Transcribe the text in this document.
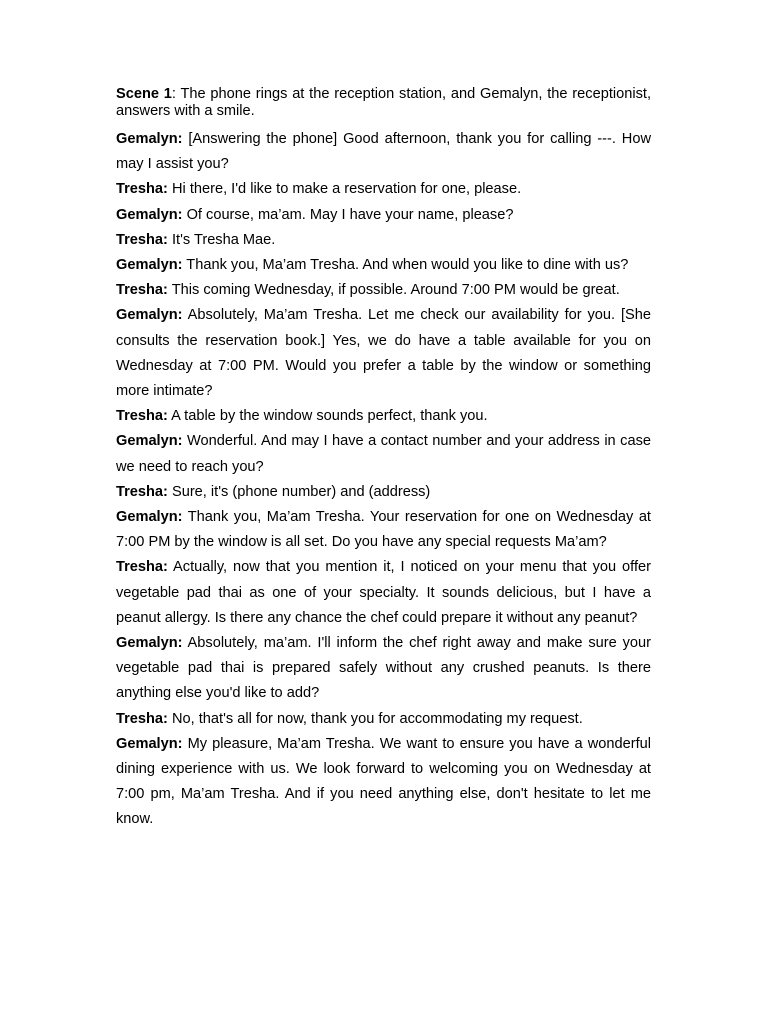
Scene 1: The phone rings at the reception station, and Gemalyn, the receptionist, answers with a smile.

Gemalyn: [Answering the phone] Good afternoon, thank you for calling ---. How may I assist you?

Tresha: Hi there, I'd like to make a reservation for one, please.

Gemalyn: Of course, ma’am. May I have your name, please?

Tresha: It's Tresha Mae.

Gemalyn: Thank you, Ma’am Tresha. And when would you like to dine with us?

Tresha: This coming Wednesday, if possible. Around 7:00 PM would be great.

Gemalyn: Absolutely, Ma’am Tresha. Let me check our availability for you. [She consults the reservation book.] Yes, we do have a table available for you on Wednesday at 7:00 PM. Would you prefer a table by the window or something more intimate?

Tresha: A table by the window sounds perfect, thank you.

Gemalyn: Wonderful. And may I have a contact number and your address in case we need to reach you?

Tresha: Sure, it's (phone number) and (address)

Gemalyn: Thank you, Ma’am Tresha. Your reservation for one on Wednesday at 7:00 PM by the window is all set. Do you have any special requests Ma’am?

Tresha: Actually, now that you mention it, I noticed on your menu that you offer vegetable pad thai as one of your specialty. It sounds delicious, but I have a peanut allergy. Is there any chance the chef could prepare it without any peanut?

Gemalyn: Absolutely, ma’am. I'll inform the chef right away and make sure your vegetable pad thai is prepared safely without any crushed peanuts. Is there anything else you'd like to add?

Tresha: No, that's all for now, thank you for accommodating my request.

Gemalyn: My pleasure, Ma’am Tresha. We want to ensure you have a wonderful dining experience with us. We look forward to welcoming you on Wednesday at 7:00 pm, Ma’am Tresha. And if you need anything else, don't hesitate to let me know.
